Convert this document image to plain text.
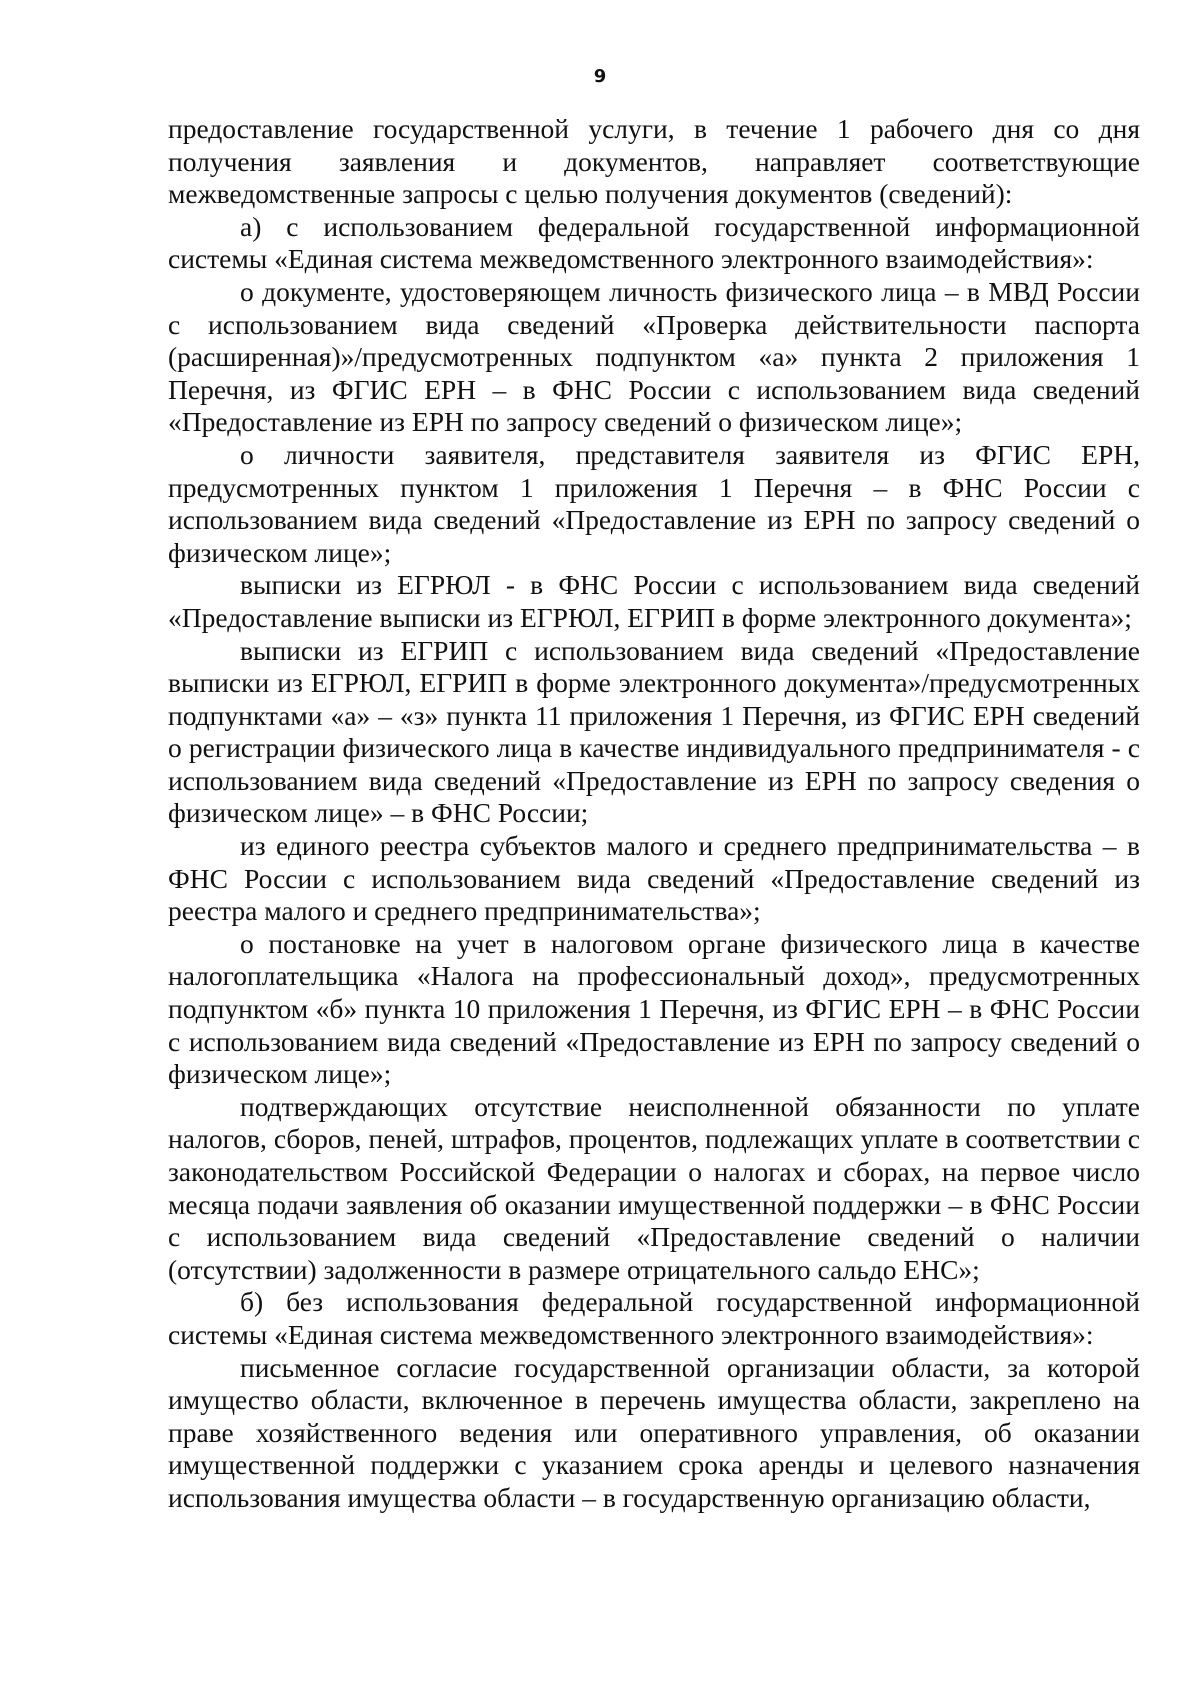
9

предоставление государственной услуги, в течение 1 рабочего дня со дня получения заявления и документов, направляет соответствующие межведомственные запросы с целью получения документов (сведений):

а) с использованием федеральной государственной информационной системы «Единая система межведомственного электронного взаимодействия»:

о документе, удостоверяющем личность физического лица – в МВД России с использованием вида сведений «Проверка действительности паспорта (расширенная)»/предусмотренных подпунктом «а» пункта 2 приложения 1 Перечня, из ФГИС ЕРН – в ФНС России с использованием вида сведений «Предоставление из ЕРН по запросу сведений о физическом лице»;

о личности заявителя, представителя заявителя из ФГИС ЕРН, предусмотренных пунктом 1 приложения 1 Перечня – в ФНС России с использованием вида сведений «Предоставление из ЕРН по запросу сведений о физическом лице»;

выписки из ЕГРЮЛ - в ФНС России с использованием вида сведений «Предоставление выписки из ЕГРЮЛ, ЕГРИП в форме электронного документа»;

выписки из ЕГРИП с использованием вида сведений «Предоставление выписки из ЕГРЮЛ, ЕГРИП в форме электронного документа»/предусмотренных подпунктами «а» – «з» пункта 11 приложения 1 Перечня, из ФГИС ЕРН сведений о регистрации физического лица в качестве индивидуального предпринимателя - с использованием вида сведений «Предоставление из ЕРН по запросу сведения о физическом лице» – в ФНС России;

из единого реестра субъектов малого и среднего предпринимательства – в ФНС России с использованием вида сведений «Предоставление сведений из реестра малого и среднего предпринимательства»;

о постановке на учет в налоговом органе физического лица в качестве налогоплательщика «Налога на профессиональный доход», предусмотренных подпунктом «б» пункта 10 приложения 1 Перечня, из ФГИС ЕРН – в ФНС России с использованием вида сведений «Предоставление из ЕРН по запросу сведений о физическом лице»;

подтверждающих отсутствие неисполненной обязанности по уплате налогов, сборов, пеней, штрафов, процентов, подлежащих уплате в соответствии с законодательством Российской Федерации о налогах и сборах, на первое число месяца подачи заявления об оказании имущественной поддержки – в ФНС России с использованием вида сведений «Предоставление сведений о наличии (отсутствии) задолженности в размере отрицательного сальдо ЕНС»;

б) без использования федеральной государственной информационной системы «Единая система межведомственного электронного взаимодействия»:

письменное согласие государственной организации области, за которой имущество области, включенное в перечень имущества области, закреплено на праве хозяйственного ведения или оперативного управления, об оказании имущественной поддержки с указанием срока аренды и целевого назначения использования имущества области – в государственную организацию области,
